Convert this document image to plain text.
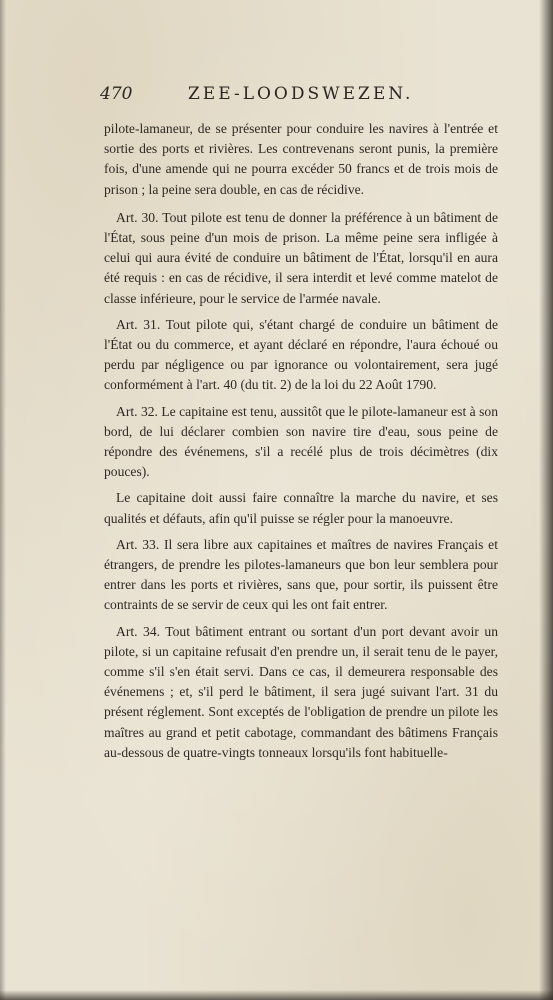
470	ZEE-LOODSWEZEN.

pilote-lamaneur, de se présenter pour conduire les navires à l'entrée et sortie des ports et rivières. Les contrevenans seront punis, la première fois, d'une amende qui ne pourra excéder 50 francs et de trois mois de prison ; la peine sera double, en cas de récidive.

Art. 30. Tout pilote est tenu de donner la préférence à un bâtiment de l'État, sous peine d'un mois de prison. La même peine sera infligée à celui qui aura évité de conduire un bâtiment de l'État, lorsqu'il en aura été requis : en cas de récidive, il sera interdit et levé comme matelot de classe inférieure, pour le service de l'armée navale.

Art. 31. Tout pilote qui, s'étant chargé de conduire un bâtiment de l'État ou du commerce, et ayant déclaré en répondre, l'aura échoué ou perdu par négligence ou par ignorance ou volontairement, sera jugé conformément à l'art. 40 (du tit. 2) de la loi du 22 Août 1790.

Art. 32. Le capitaine est tenu, aussitôt que le pilote-lamaneur est à son bord, de lui déclarer combien son navire tire d'eau, sous peine de répondre des événemens, s'il a recélé plus de trois décimètres (dix pouces).

Le capitaine doit aussi faire connaître la marche du navire, et ses qualités et défauts, afin qu'il puisse se régler pour la manoeuvre.

Art. 33. Il sera libre aux capitaines et maîtres de navires Français et étrangers, de prendre les pilotes-lamaneurs que bon leur semblera pour entrer dans les ports et rivières, sans que, pour sortir, ils puissent être contraints de se servir de ceux qui les ont fait entrer.

Art. 34. Tout bâtiment entrant ou sortant d'un port devant avoir un pilote, si un capitaine refusait d'en prendre un, il serait tenu de le payer, comme s'il s'en était servi. Dans ce cas, il demeurera responsable des événemens ; et, s'il perd le bâtiment, il sera jugé suivant l'art. 31 du présent réglement. Sont exceptés de l'obligation de prendre un pilote les maîtres au grand et petit cabotage, commandant des bâtimens Français au-dessous de quatre-vingts tonneaux lorsqu'ils font habituelle-
